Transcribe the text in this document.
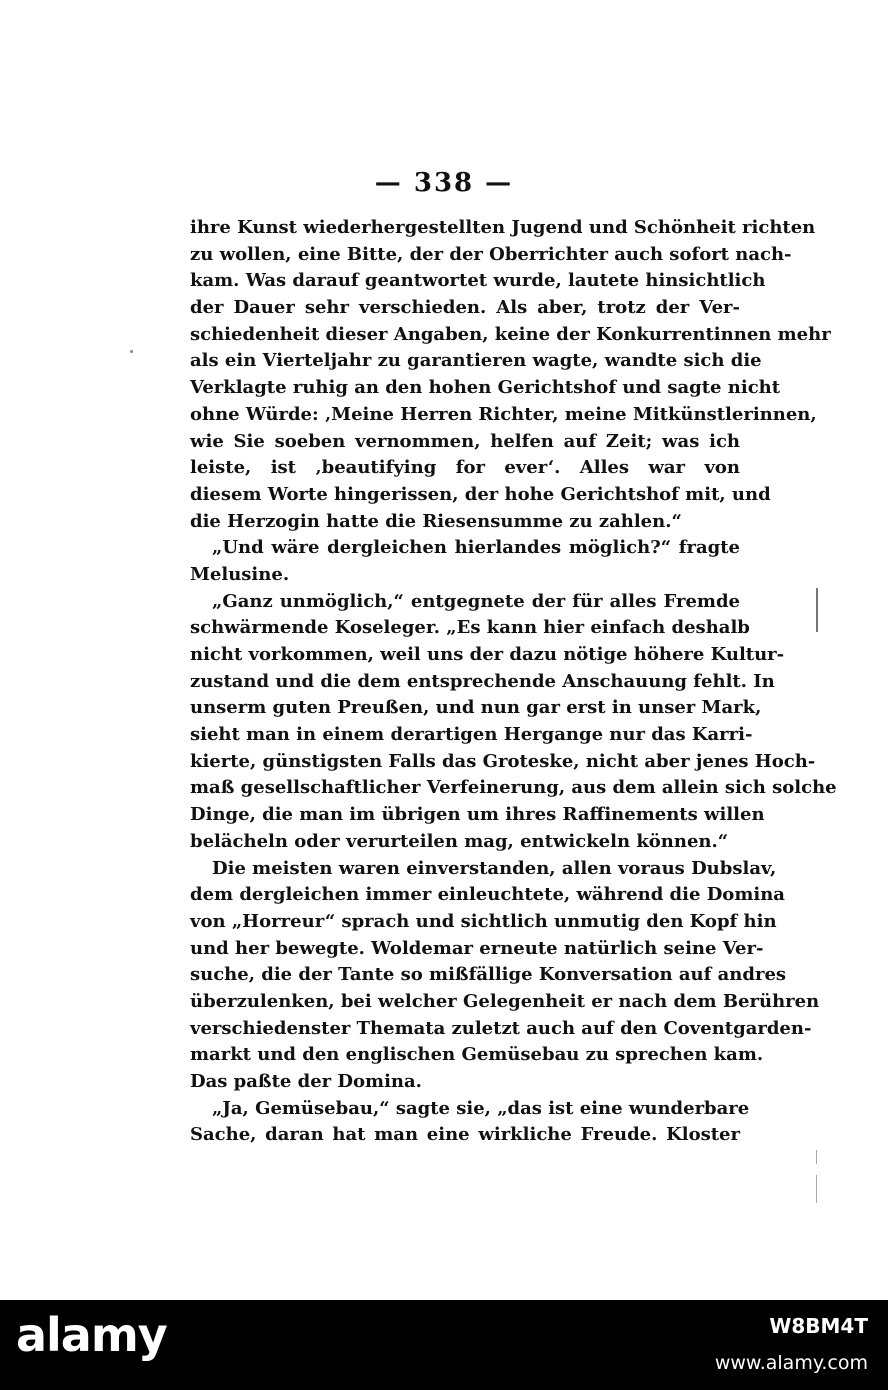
— 338 —
ihre Kunst wiederhergestellten Jugend und Schönheit richten
zu wollen, eine Bitte, der der Oberrichter auch sofort nach-
kam. Was darauf geantwortet wurde, lautete hinsichtlich
der Dauer sehr verschieden. Als aber, trotz der Ver-
schiedenheit dieser Angaben, keine der Konkurrentinnen mehr
als ein Vierteljahr zu garantieren wagte, wandte sich die
Verklagte ruhig an den hohen Gerichtshof und sagte nicht
ohne Würde: ‚Meine Herren Richter, meine Mitkünstlerinnen,
wie Sie soeben vernommen, helfen auf Zeit; was ich
leiste, ist ‚beautifying for ever‘. Alles war von
diesem Worte hingerissen, der hohe Gerichtshof mit, und
die Herzogin hatte die Riesensumme zu zahlen.“
„Und wäre dergleichen hierlandes möglich?“ fragte
Melusine.
„Ganz unmöglich,“ entgegnete der für alles Fremde
schwärmende Koseleger. „Es kann hier einfach deshalb
nicht vorkommen, weil uns der dazu nötige höhere Kultur-
zustand und die dem entsprechende Anschauung fehlt. In
unserm guten Preußen, und nun gar erst in unser Mark,
sieht man in einem derartigen Hergange nur das Karri-
kierte, günstigsten Falls das Groteske, nicht aber jenes Hoch-
maß gesellschaftlicher Verfeinerung, aus dem allein sich solche
Dinge, die man im übrigen um ihres Raffinements willen
belächeln oder verurteilen mag, entwickeln können.“
Die meisten waren einverstanden, allen voraus Dubslav,
dem dergleichen immer einleuchtete, während die Domina
von „Horreur“ sprach und sichtlich unmutig den Kopf hin
und her bewegte. Woldemar erneute natürlich seine Ver-
suche, die der Tante so mißfällige Konversation auf andres
überzulenken, bei welcher Gelegenheit er nach dem Berühren
verschiedenster Themata zuletzt auch auf den Coventgarden-
markt und den englischen Gemüsebau zu sprechen kam.
Das paßte der Domina.
„Ja, Gemüsebau,“ sagte sie, „das ist eine wunderbare
Sache, daran hat man eine wirkliche Freude. Kloster
alamy	W8BM4T
www.alamy.com
